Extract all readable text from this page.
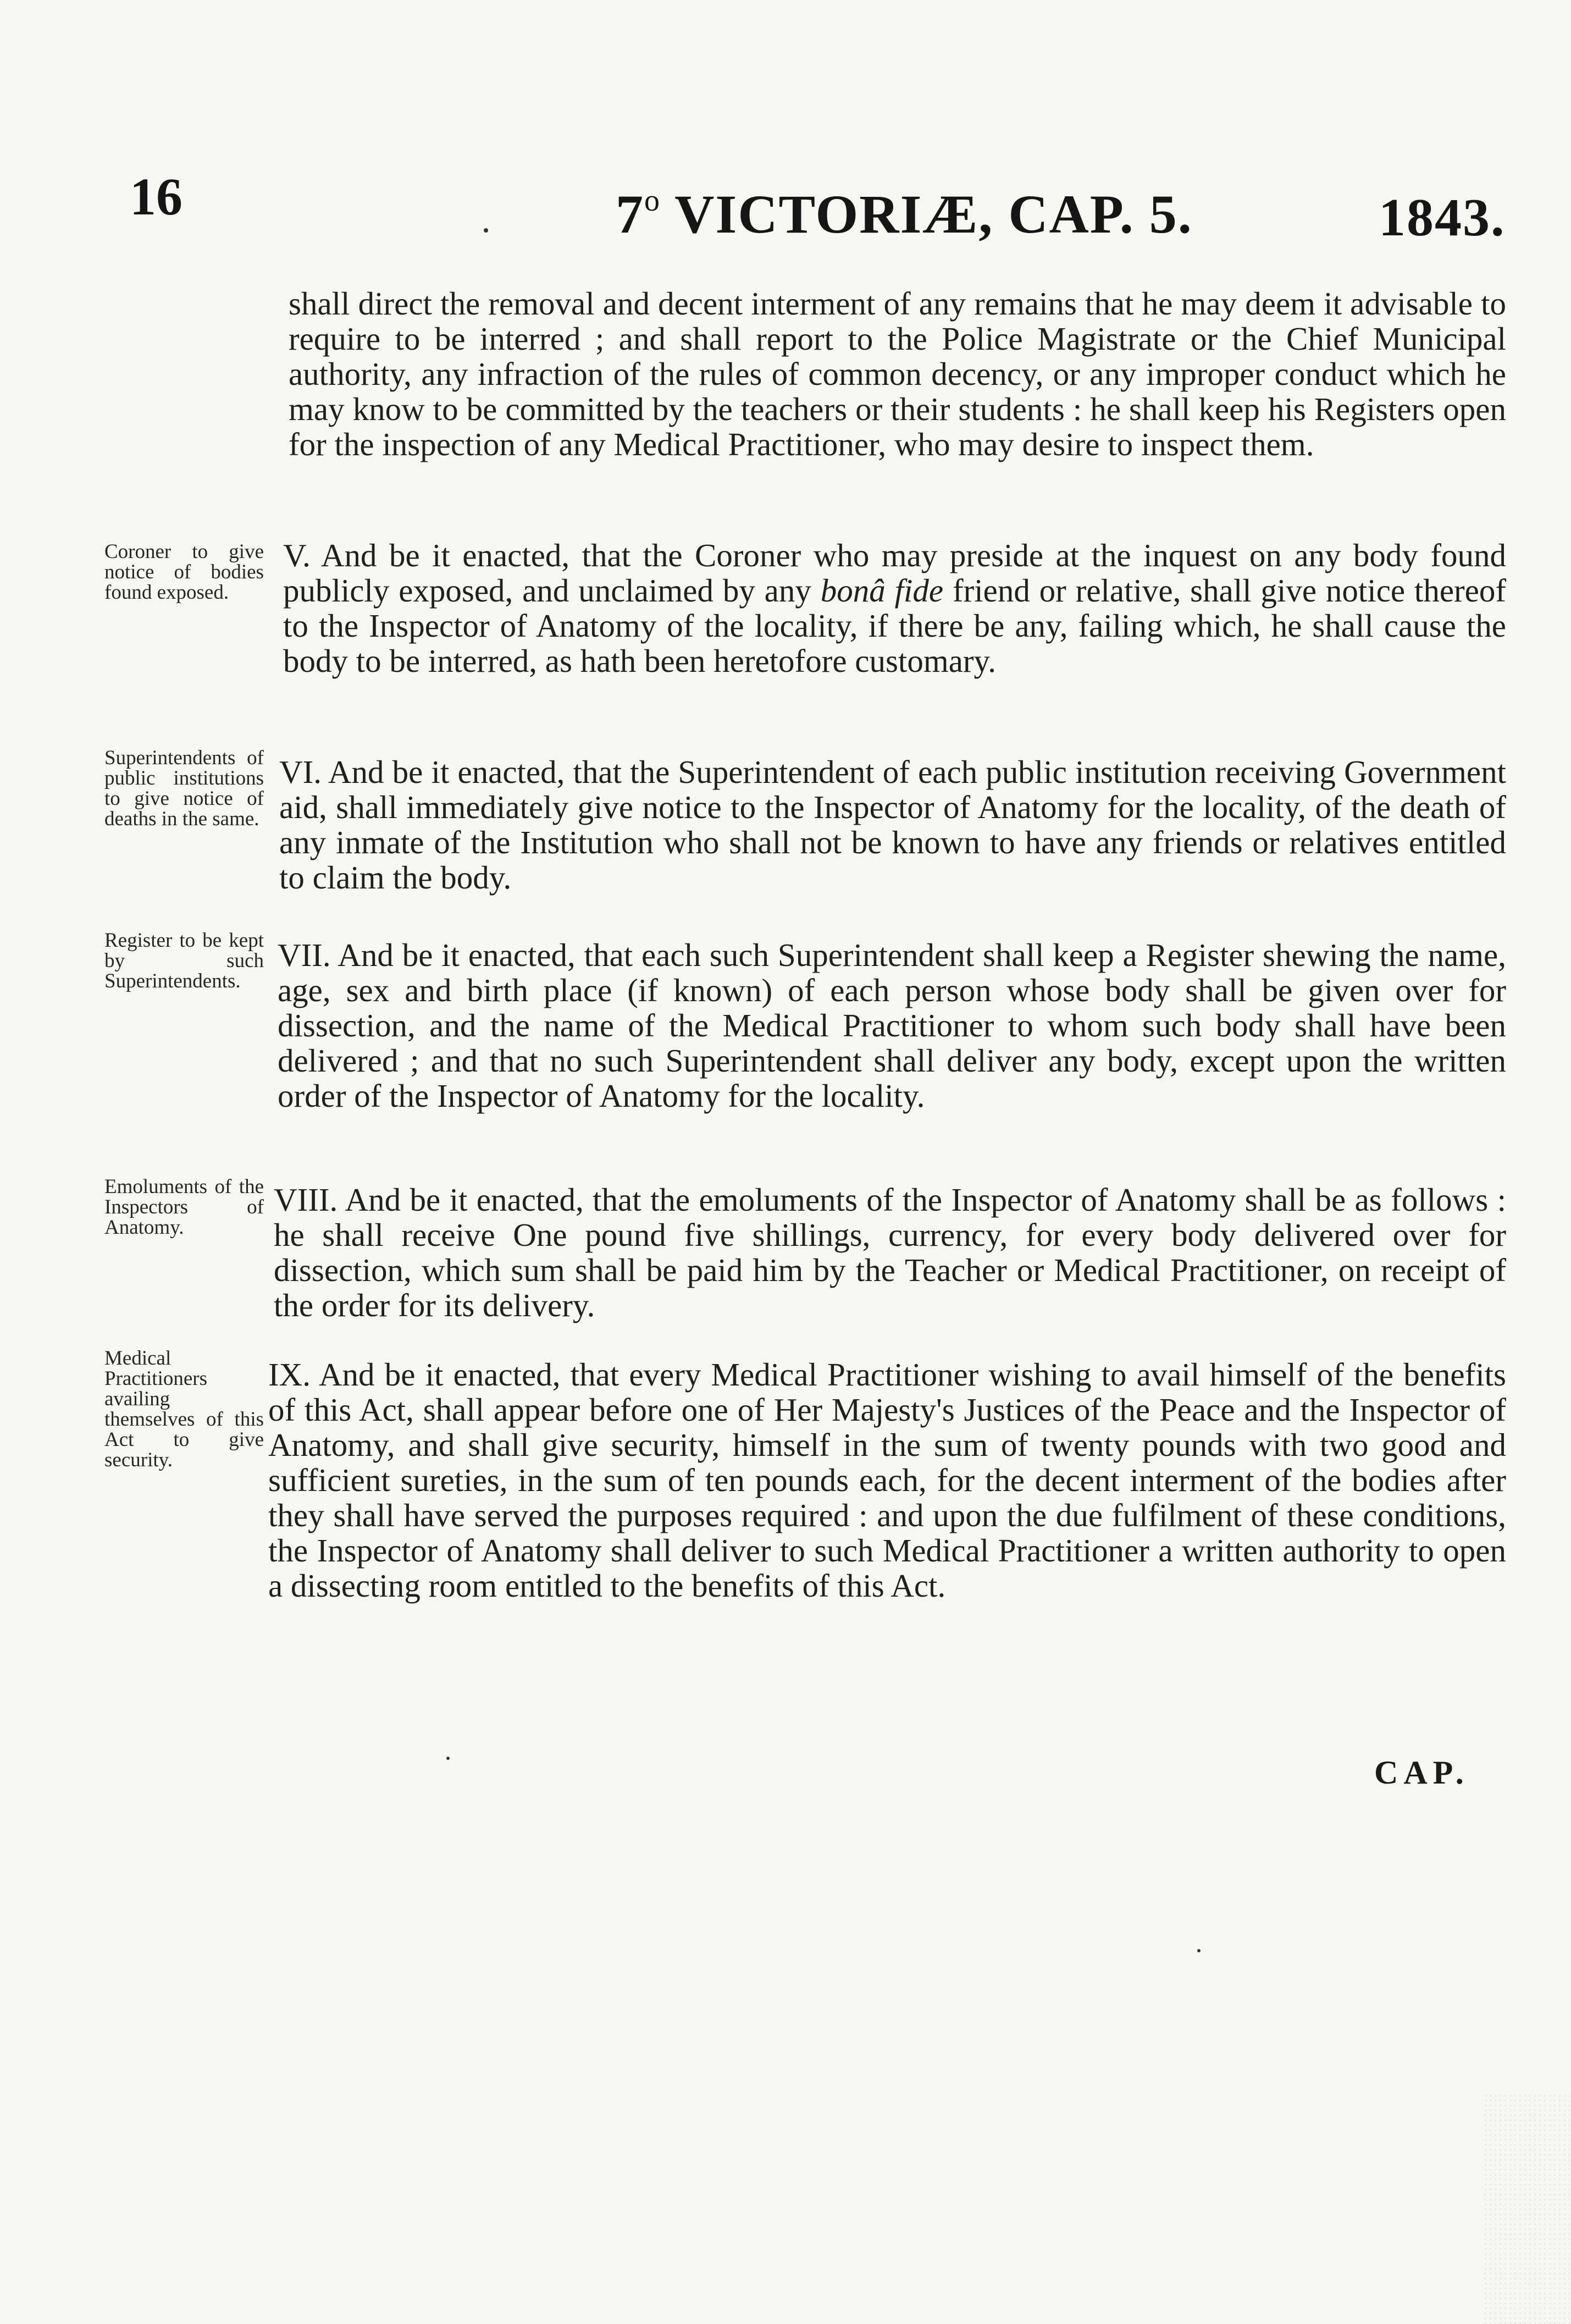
16	7$^o$ VICTORIÆ, CAP. 5.	1843.
shall direct the removal and decent interment of any remains that he may deem it advisable to require to be interred ; and shall report to the Police Magistrate or the Chief Municipal authority, any infraction of the rules of common decency, or any improper conduct which he may know to be committed by the teachers or their students : he shall keep his Registers open for the inspection of any Medical Practitioner, who may desire to inspect them.
Coroner to give notice of bodies found exposed.
V. And be it enacted, that the Coroner who may preside at the inquest on any body found publicly exposed, and unclaimed by any bonâ fide friend or relative, shall give notice thereof to the Inspector of Anatomy of the locality, if there be any, failing which, he shall cause the body to be interred, as hath been heretofore customary.
Superintendents of public institutions to give notice of deaths in the same.
VI. And be it enacted, that the Superintendent of each public institution receiving Government aid, shall immediately give notice to the Inspector of Anatomy for the locality, of the death of any inmate of the Institution who shall not be known to have any friends or relatives entitled to claim the body.
Register to be kept by such Superintendents.
VII. And be it enacted, that each such Superintendent shall keep a Register shewing the name, age, sex and birth place (if known) of each person whose body shall be given over for dissection, and the name of the Medical Practitioner to whom such body shall have been delivered ; and that no such Superintendent shall deliver any body, except upon the written order of the Inspector of Anatomy for the locality.
Emoluments of the Inspectors of Anatomy.
VIII. And be it enacted, that the emoluments of the Inspector of Anatomy shall be as follows : he shall receive One pound five shillings, currency, for every body delivered over for dissection, which sum shall be paid him by the Teacher or Medical Practitioner, on receipt of the order for its delivery.
Medical Practitioners availing themselves of this Act to give security.
IX. And be it enacted, that every Medical Practitioner wishing to avail himself of the benefits of this Act, shall appear before one of Her Majesty's Justices of the Peace and the Inspector of Anatomy, and shall give security, himself in the sum of twenty pounds with two good and sufficient sureties, in the sum of ten pounds each, for the decent interment of the bodies after they shall have served the purposes required : and upon the due fulfilment of these conditions, the Inspector of Anatomy shall deliver to such Medical Practitioner a written authority to open a dissecting room entitled to the benefits of this Act.
CAP.
